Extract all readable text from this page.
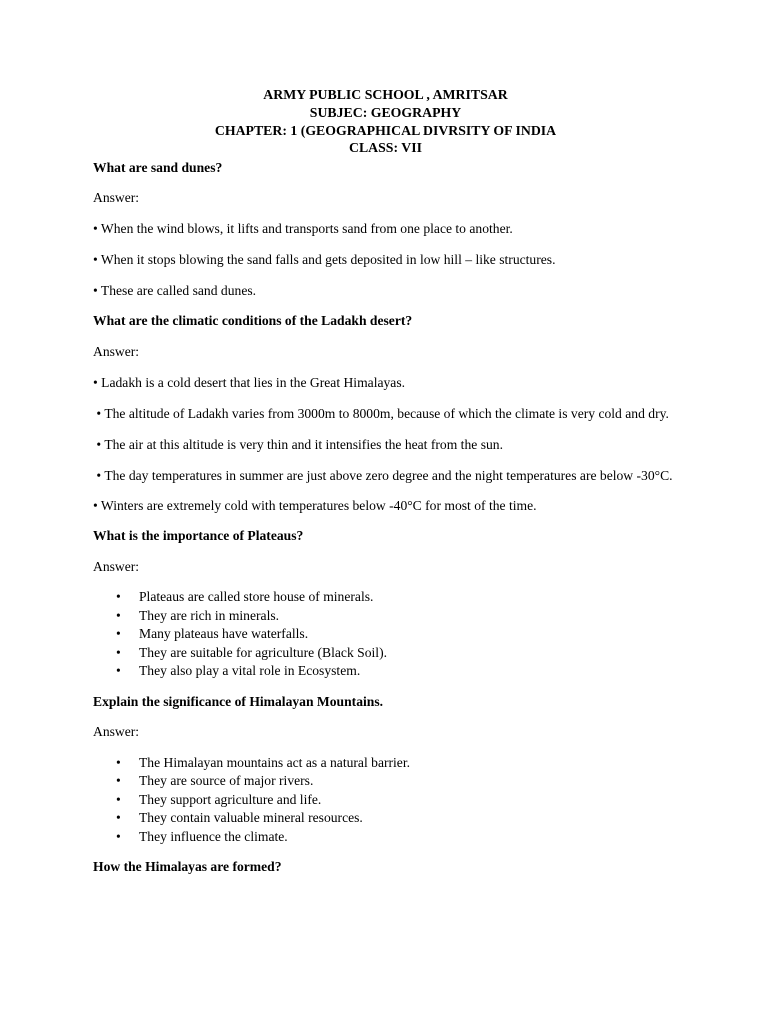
ARMY PUBLIC SCHOOL , AMRITSAR
SUBJEC: GEOGRAPHY
CHAPTER: 1 (GEOGRAPHICAL DIVRSITY OF INDIA
CLASS: VII
What are sand dunes?
Answer:
• When the wind blows, it lifts and transports sand from one place to another.
• When it stops blowing the sand falls and gets deposited in low hill – like structures.
• These are called sand dunes.
What are the climatic conditions of the Ladakh desert?
Answer:
• Ladakh is a cold desert that lies in the Great Himalayas.
• The altitude of Ladakh varies from 3000m to 8000m, because of which the climate is very cold and dry.
• The air at this altitude is very thin and it intensifies the heat from the sun.
• The day temperatures in summer are just above zero degree and the night temperatures are below -30°C.
• Winters are extremely cold with temperatures below -40°C for most of the time.
What is the importance of Plateaus?
Answer:
• Plateaus are called store house of minerals.
• They are rich in minerals.
• Many plateaus have waterfalls.
• They are suitable for agriculture (Black Soil).
• They also play a vital role in Ecosystem.
Explain the significance of Himalayan Mountains.
Answer:
• The Himalayan mountains act as a natural barrier.
• They are source of major rivers.
• They support agriculture and life.
• They contain valuable mineral resources.
• They influence the climate.
How the Himalayas are formed?
